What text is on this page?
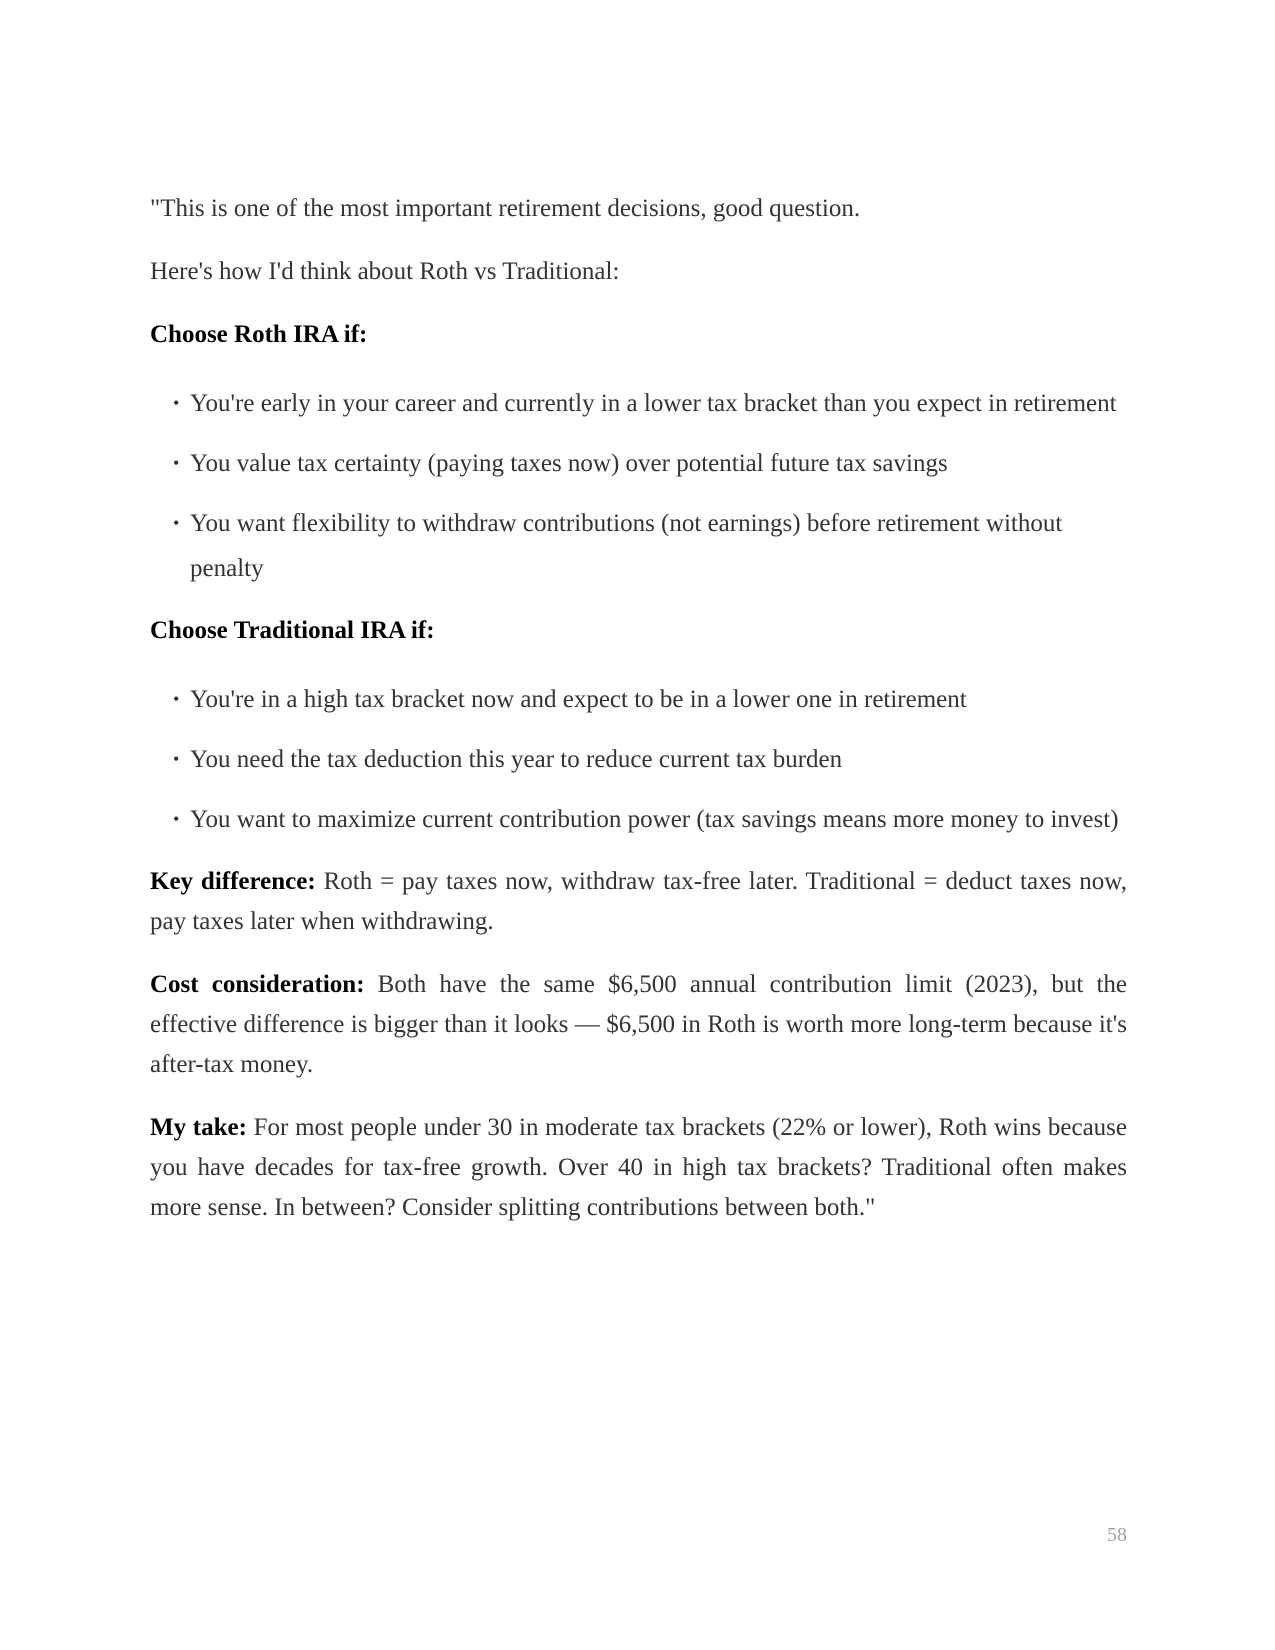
"This is one of the most important retirement decisions, good question.

Here's how I'd think about Roth vs Traditional:

Choose Roth IRA if:

• You're early in your career and currently in a lower tax bracket than you expect in retirement
• You value tax certainty (paying taxes now) over potential future tax savings
• You want flexibility to withdraw contributions (not earnings) before retirement without penalty

Choose Traditional IRA if:

• You're in a high tax bracket now and expect to be in a lower one in retirement
• You need the tax deduction this year to reduce current tax burden
• You want to maximize current contribution power (tax savings means more money to invest)

Key difference: Roth = pay taxes now, withdraw tax-free later. Traditional = deduct taxes now, pay taxes later when withdrawing.

Cost consideration: Both have the same $6,500 annual contribution limit (2023), but the effective difference is bigger than it looks — $6,500 in Roth is worth more long-term because it's after-tax money.

My take: For most people under 30 in moderate tax brackets (22% or lower), Roth wins because you have decades for tax-free growth. Over 40 in high tax brackets? Traditional often makes more sense. In between? Consider splitting contributions between both."

58
